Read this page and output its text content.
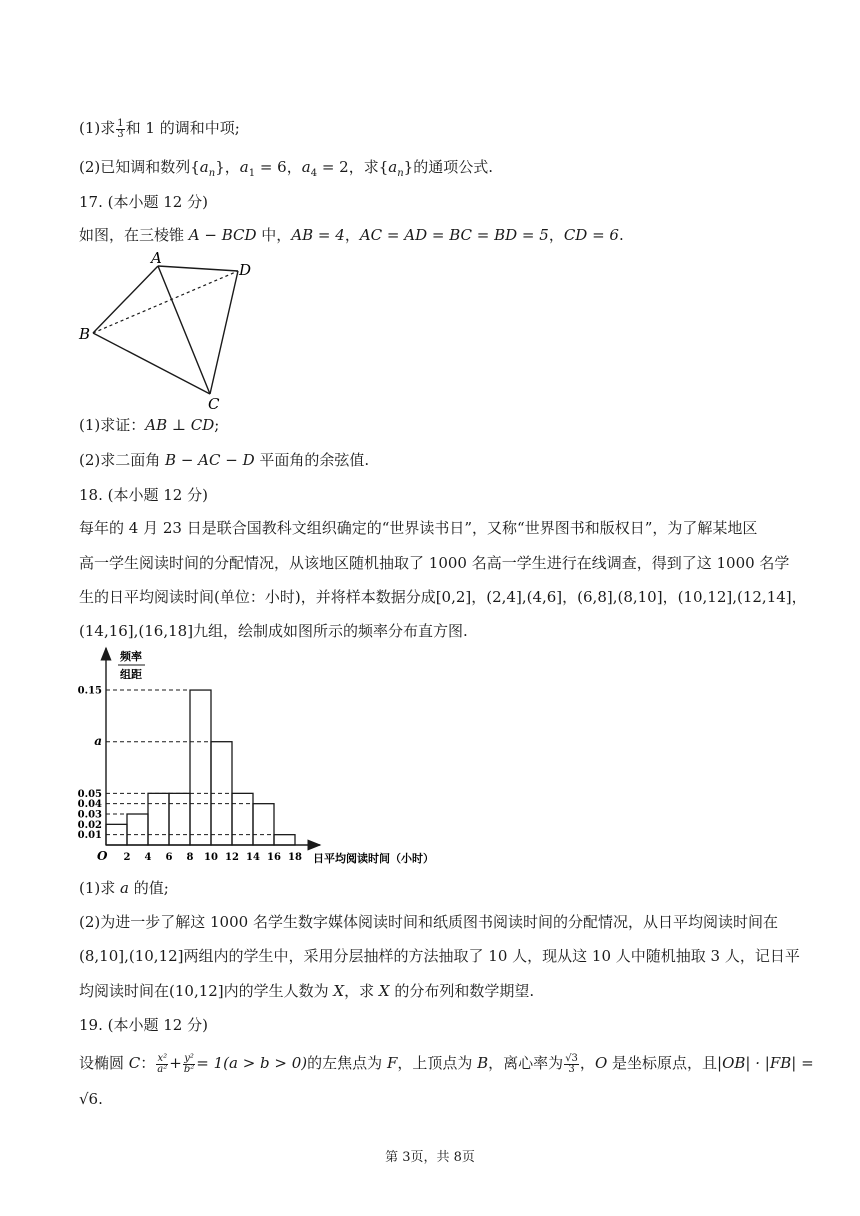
(1)求 $\frac{1}{3}$ 和 1 的调和中项;
(2)已知调和数列$\{a_n\}$，$a_1 = 6$，$a_4 = 2$，求$\{a_n\}$的通项公式.
17. (本小题 12 分)
如图，在三棱锥 A − BCD 中，AB = 4，AC = AD = BC = BD = 5，CD = 6.
A
D
B
C
(1)求证：AB ⊥ CD;
(2)求二面角 B − AC − D 平面角的余弦值.
18. (本小题 12 分)
每年的 4 月 23 日是联合国教科文组织确定的“世界读书日”，又称“世界图书和版权日”，为了解某地区
高一学生阅读时间的分配情况，从该地区随机抽取了 1000 名高一学生进行在线调查，得到了这 1000 名学
生的日平均阅读时间(单位：小时)，并将样本数据分成[0,2]，(2,4],(4,6]，(6,8],(8,10]，(10,12],(12,14]，
(14,16],(16,18]九组，绘制成如图所示的频率分布直方图.
频率
组距
日平均阅读时间（小时）
O
0.01
0.02
0.03
0.04
0.05
a
0.15
2 4 6 8 10 12 14 16 18
(1)求 a 的值;
(2)为进一步了解这 1000 名学生数字媒体阅读时间和纸质图书阅读时间的分配情况，从日平均阅读时间在
(8,10],(10,12]两组内的学生中，采用分层抽样的方法抽取了 10 人，现从这 10 人中随机抽取 3 人，记日平
均阅读时间在(10,12]内的学生人数为 X，求 X 的分布列和数学期望.
19. (本小题 12 分)
设椭圆 C： $\frac{\text{x²}}{\text{a²}} + \frac{\text{y²}}{\text{b²}} = 1(a > b > 0)$的左焦点为 F，上顶点为 B，离心率为 $\frac{√3}{3}$ ，O 是坐标原点，且|OB| · |FB| =
√6.
第 3页，共 8页
